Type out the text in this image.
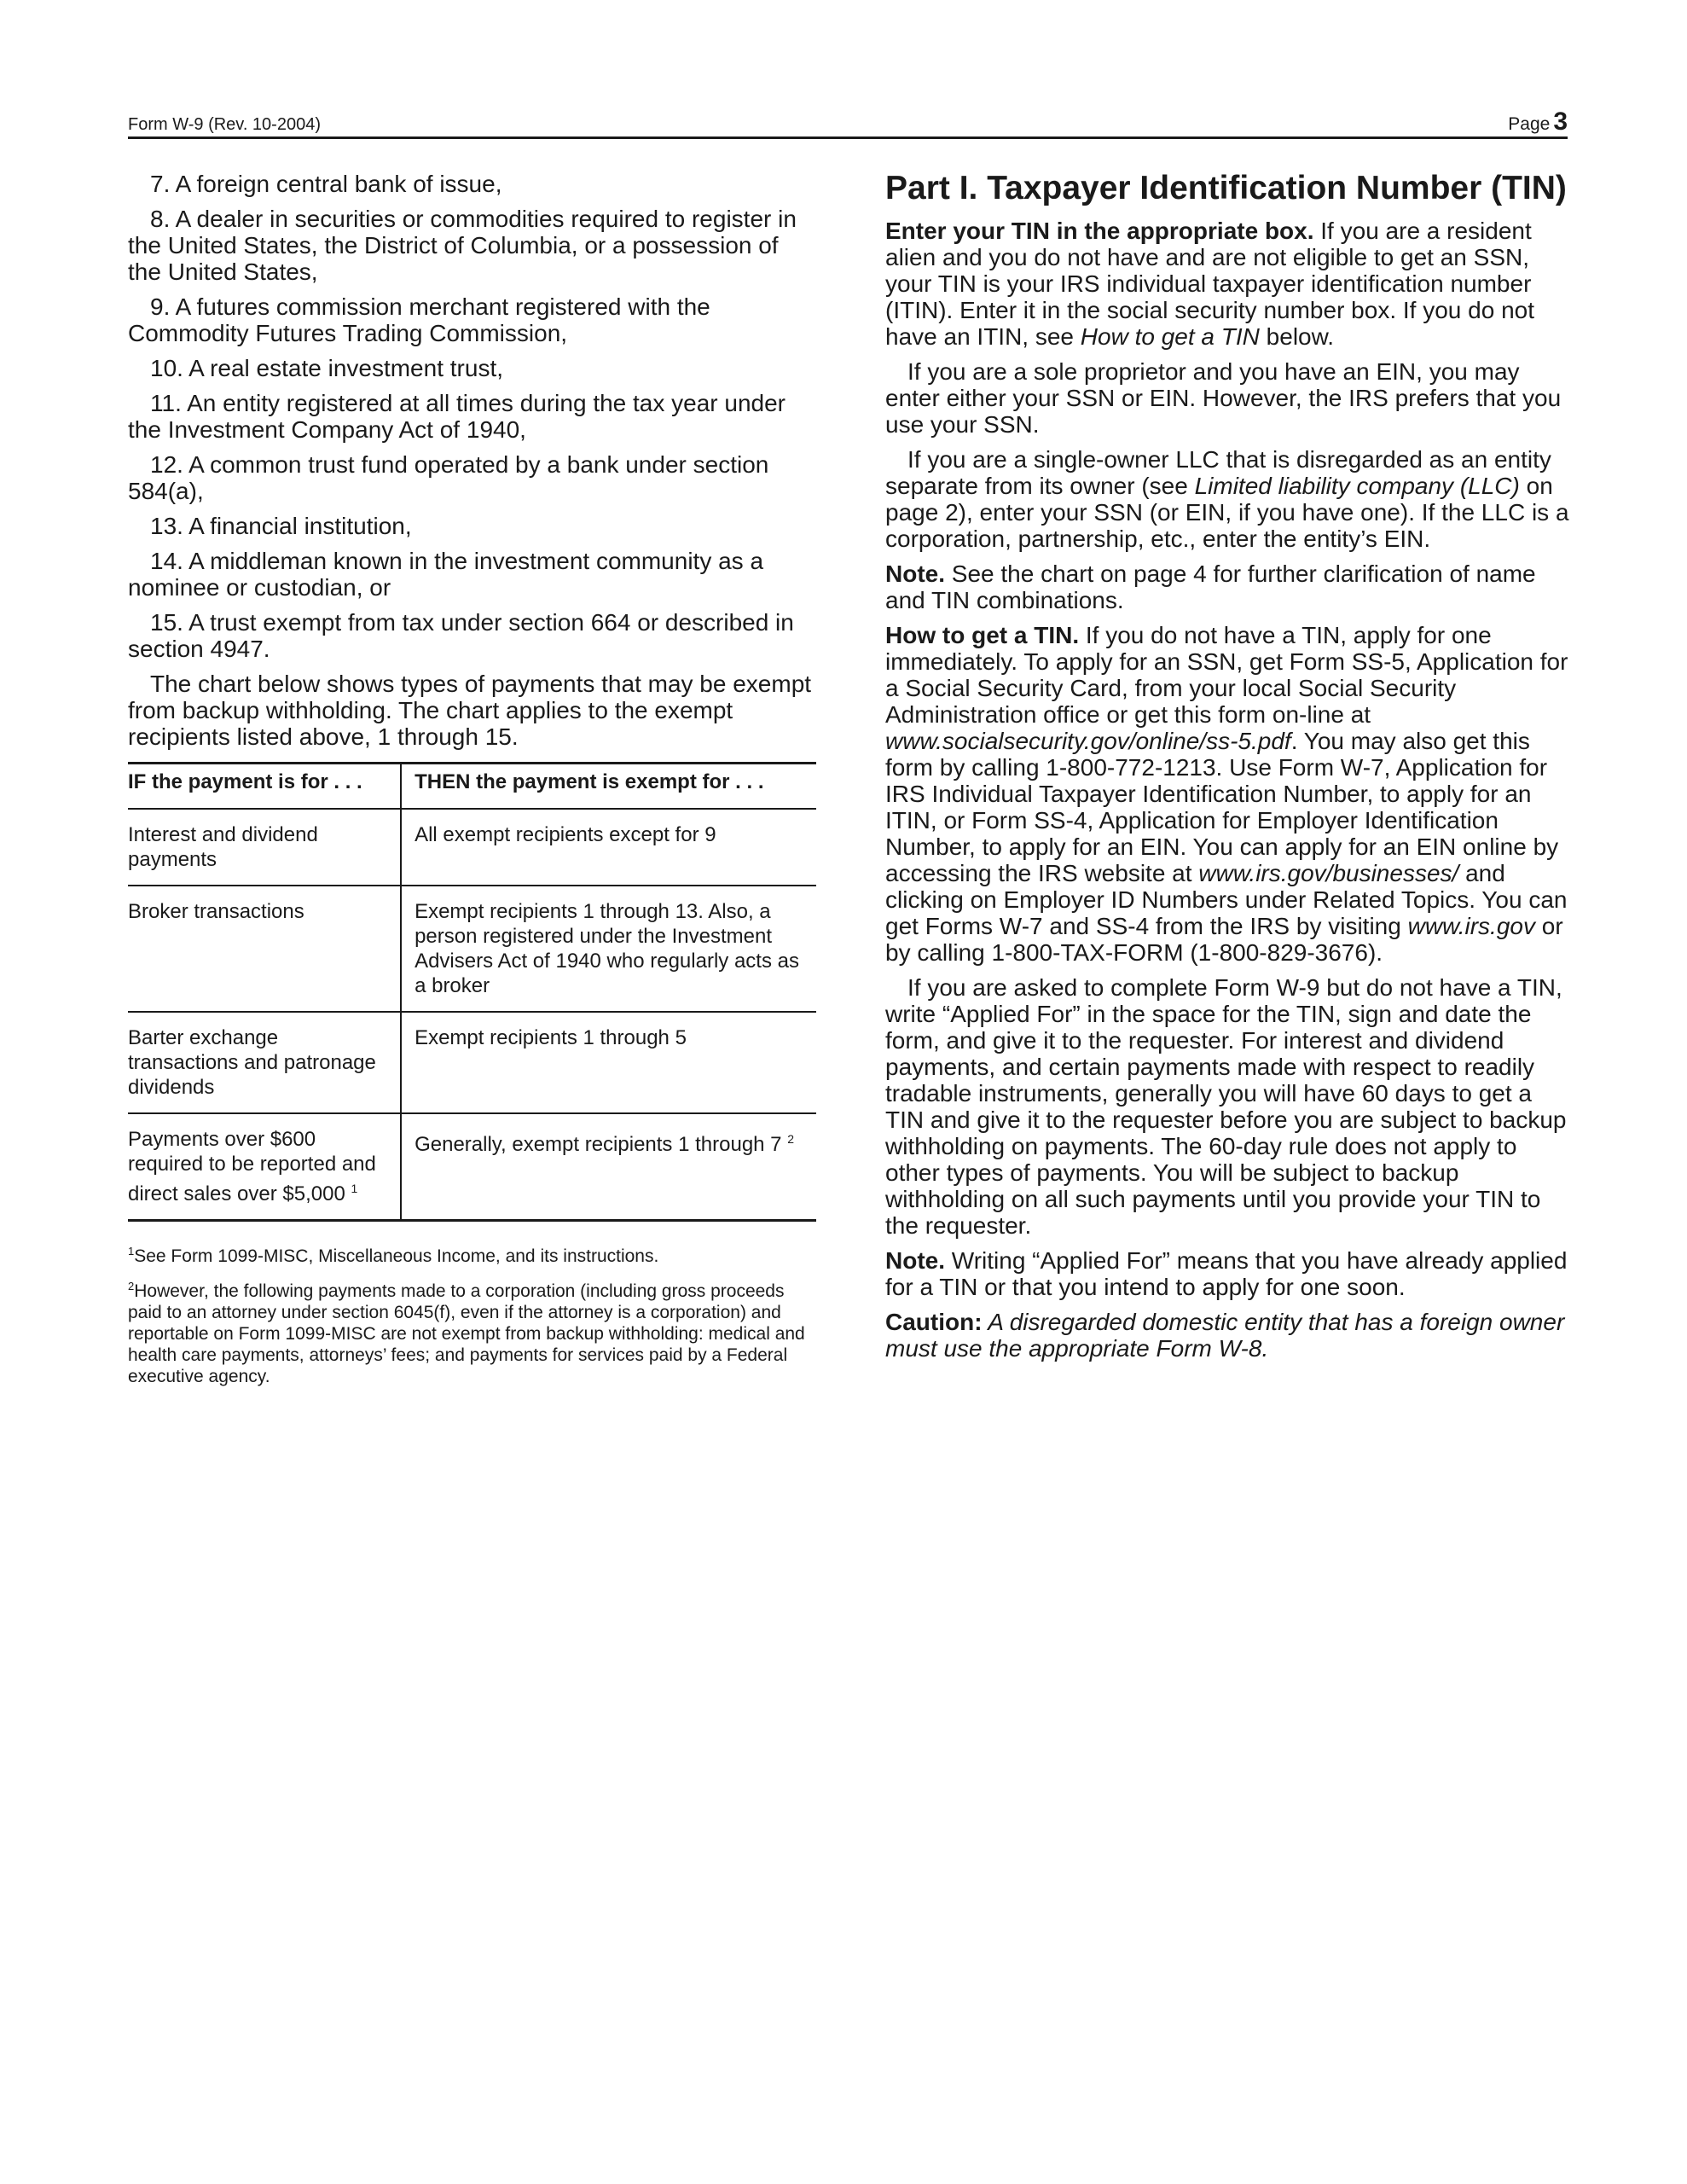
Form W-9 (Rev. 10-2004)	Page 3

7. A foreign central bank of issue,

8. A dealer in securities or commodities required to register in the United States, the District of Columbia, or a possession of the United States,

9. A futures commission merchant registered with the Commodity Futures Trading Commission,

10. A real estate investment trust,

11. An entity registered at all times during the tax year under the Investment Company Act of 1940,

12. A common trust fund operated by a bank under section 584(a),

13. A financial institution,

14. A middleman known in the investment community as a nominee or custodian, or

15. A trust exempt from tax under section 664 or described in section 4947.

The chart below shows types of payments that may be exempt from backup withholding. The chart applies to the exempt recipients listed above, 1 through 15.

IF the payment is for . . .	THEN the payment is exempt for . . .
Interest and dividend payments	All exempt recipients except for 9
Broker transactions	Exempt recipients 1 through 13. Also, a person registered under the Investment Advisers Act of 1940 who regularly acts as a broker
Barter exchange transactions and patronage dividends	Exempt recipients 1 through 5
Payments over $600 required to be reported and direct sales over $5,000 $^1$	Generally, exempt recipients 1 through 7 $^2$

$^1$See Form 1099-MISC, Miscellaneous Income, and its instructions.

$^2$However, the following payments made to a corporation (including gross proceeds paid to an attorney under section 6045(f), even if the attorney is a corporation) and reportable on Form 1099-MISC are not exempt from backup withholding: medical and health care payments, attorneys’ fees; and payments for services paid by a Federal executive agency.

Part I. Taxpayer Identification Number (TIN)

Enter your TIN in the appropriate box. If you are a resident alien and you do not have and are not eligible to get an SSN, your TIN is your IRS individual taxpayer identification number (ITIN). Enter it in the social security number box. If you do not have an ITIN, see How to get a TIN below.

If you are a sole proprietor and you have an EIN, you may enter either your SSN or EIN. However, the IRS prefers that you use your SSN.

If you are a single-owner LLC that is disregarded as an entity separate from its owner (see Limited liability company (LLC) on page 2), enter your SSN (or EIN, if you have one). If the LLC is a corporation, partnership, etc., enter the entity’s EIN.

Note. See the chart on page 4 for further clarification of name and TIN combinations.

How to get a TIN. If you do not have a TIN, apply for one immediately. To apply for an SSN, get Form SS-5, Application for a Social Security Card, from your local Social Security Administration office or get this form on-line at www.socialsecurity.gov/online/ss-5.pdf. You may also get this form by calling 1-800-772-1213. Use Form W-7, Application for IRS Individual Taxpayer Identification Number, to apply for an ITIN, or Form SS-4, Application for Employer Identification Number, to apply for an EIN. You can apply for an EIN online by accessing the IRS website at www.irs.gov/businesses/ and clicking on Employer ID Numbers under Related Topics. You can get Forms W-7 and SS-4 from the IRS by visiting www.irs.gov or by calling 1-800-TAX-FORM (1-800-829-3676).

If you are asked to complete Form W-9 but do not have a TIN, write “Applied For” in the space for the TIN, sign and date the form, and give it to the requester. For interest and dividend payments, and certain payments made with respect to readily tradable instruments, generally you will have 60 days to get a TIN and give it to the requester before you are subject to backup withholding on payments. The 60-day rule does not apply to other types of payments. You will be subject to backup withholding on all such payments until you provide your TIN to the requester.

Note. Writing “Applied For” means that you have already applied for a TIN or that you intend to apply for one soon.

Caution: A disregarded domestic entity that has a foreign owner must use the appropriate Form W-8.
